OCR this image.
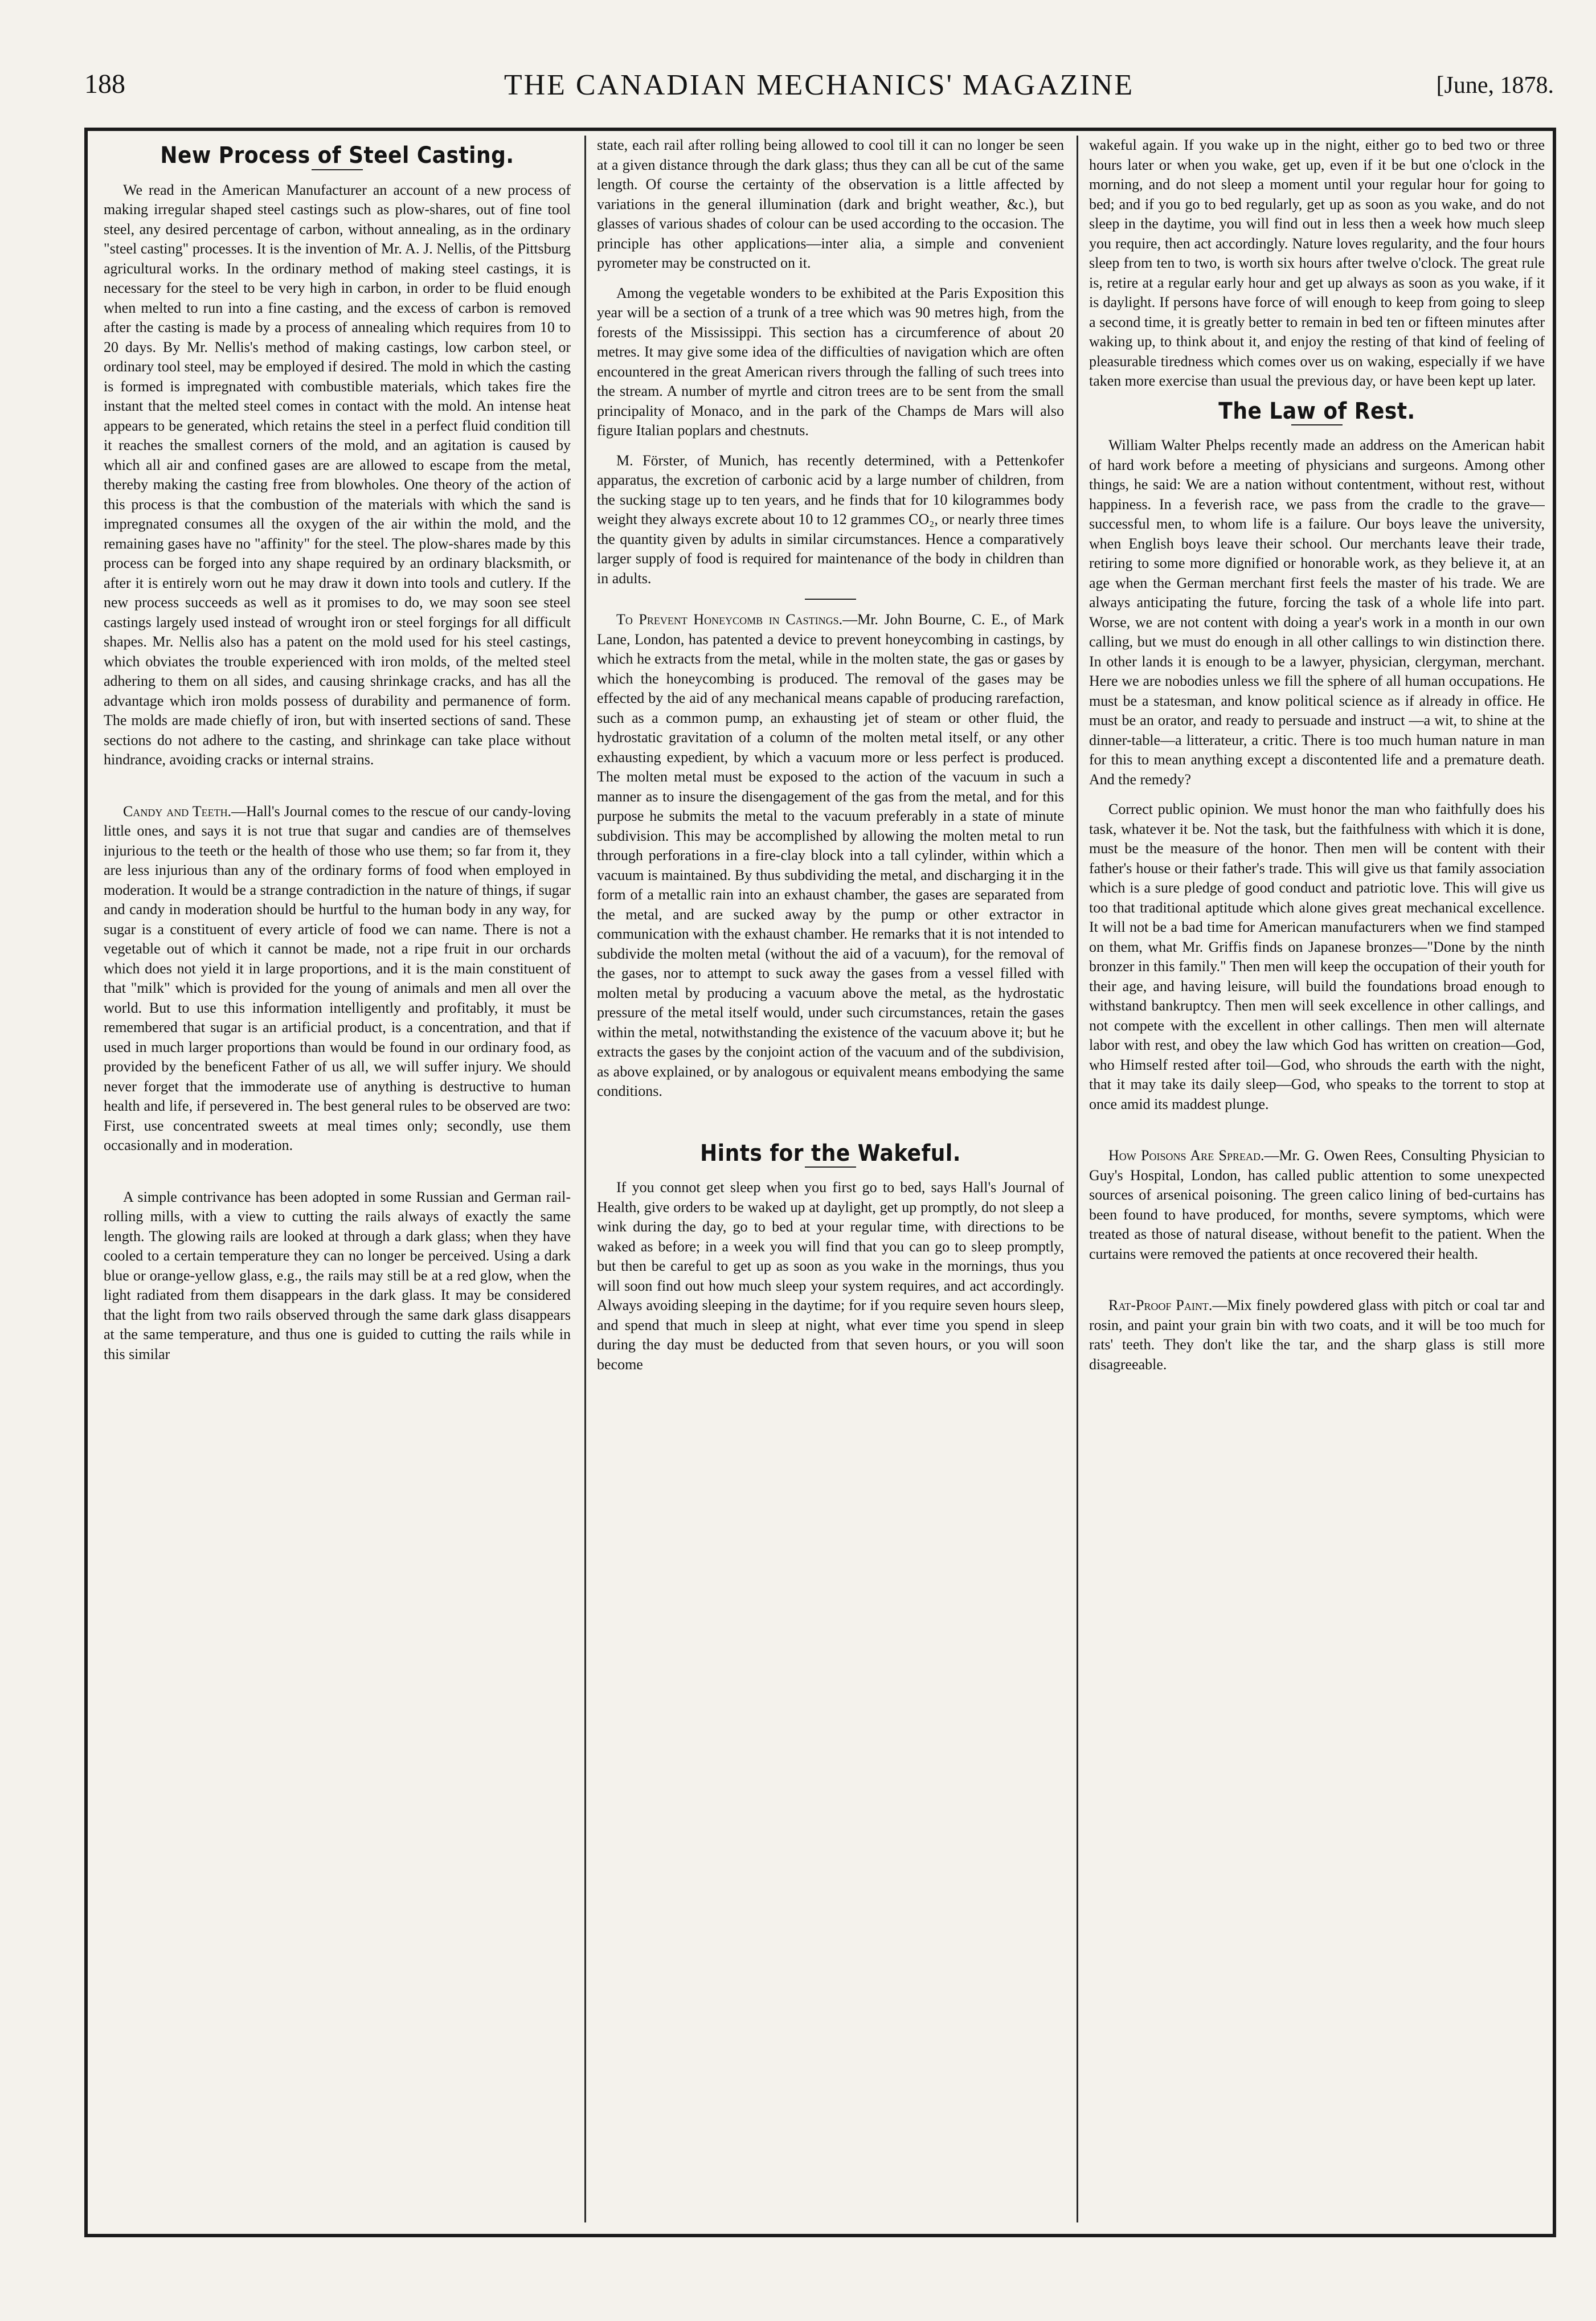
188	THE CANADIAN MECHANICS' MAGAZINE	[June, 1878.
New Process of Steel Casting.

We read in the American Manufacturer an account of a new process of making irregular shaped steel castings such as plow-shares, out of fine tool steel, any desired percentage of carbon, without annealing, as in the ordinary "steel casting" processes. It is the invention of Mr. A. J. Nellis, of the Pittsburg agricultural works. In the ordinary method of making steel castings, it is necessary for the steel to be very high in carbon, in order to be fluid enough when melted to run into a fine casting, and the excess of carbon is removed after the casting is made by a process of annealing which requires from 10 to 20 days. By Mr. Nellis's method of making castings, low carbon steel, or ordinary tool steel, may be employed if desired. The mold in which the casting is formed is impregnated with combustible materials, which takes fire the instant that the melted steel comes in contact with the mold. An intense heat appears to be generated, which retains the steel in a perfect fluid condition till it reaches the smallest corners of the mold, and an agitation is caused by which all air and confined gases are are allowed to escape from the metal, thereby making the casting free from blowholes. One theory of the action of this process is that the combustion of the materials with which the sand is impregnated consumes all the oxygen of the air within the mold, and the remaining gases have no "affinity" for the steel. The plow-shares made by this process can be forged into any shape required by an ordinary blacksmith, or after it is entirely worn out he may draw it down into tools and cutlery. If the new process succeeds as well as it promises to do, we may soon see steel castings largely used instead of wrought iron or steel forgings for all difficult shapes. Mr. Nellis also has a patent on the mold used for his steel castings, which obviates the trouble experienced with iron molds, of the melted steel adhering to them on all sides, and causing shrinkage cracks, and has all the advantage which iron molds possess of durability and permanence of form. The molds are made chiefly of iron, but with inserted sections of sand. These sections do not adhere to the casting, and shrinkage can take place without hindrance, avoiding cracks or internal strains.

Candy and Teeth.—Hall's Journal comes to the rescue of our candy-loving little ones, and says it is not true that sugar and candies are of themselves injurious to the teeth or the health of those who use them; so far from it, they are less injurious than any of the ordinary forms of food when employed in moderation. It would be a strange contradiction in the nature of things, if sugar and candy in moderation should be hurtful to the human body in any way, for sugar is a constituent of every article of food we can name. There is not a vegetable out of which it cannot be made, not a ripe fruit in our orchards which does not yield it in large proportions, and it is the main constituent of that "milk" which is provided for the young of animals and men all over the world. But to use this information intelligently and profitably, it must be remembered that sugar is an artificial product, is a concentration, and that if used in much larger proportions than would be found in our ordinary food, as provided by the beneficent Father of us all, we will suffer injury. We should never forget that the immoderate use of anything is destructive to human health and life, if persevered in. The best general rules to be observed are two: First, use concentrated sweets at meal times only; secondly, use them occasionally and in moderation.

A simple contrivance has been adopted in some Russian and German rail-rolling mills, with a view to cutting the rails always of exactly the same length. The glowing rails are looked at through a dark glass; when they have cooled to a certain temperature they can no longer be perceived. Using a dark blue or orange-yellow glass, e.g., the rails may still be at a red glow, when the light radiated from them disappears in the dark glass. It may be considered that the light from two rails observed through the same dark glass disappears at the same temperature, and thus one is guided to cutting the rails while in this similar

state, each rail after rolling being allowed to cool till it can no longer be seen at a given distance through the dark glass; thus they can all be cut of the same length. Of course the certainty of the observation is a little affected by variations in the general illumination (dark and bright weather, &c.), but glasses of various shades of colour can be used according to the occasion. The principle has other applications—inter alia, a simple and convenient pyrometer may be constructed on it.

Among the vegetable wonders to be exhibited at the Paris Exposition this year will be a section of a trunk of a tree which was 90 metres high, from the forests of the Mississippi. This section has a circumference of about 20 metres. It may give some idea of the difficulties of navigation which are often encountered in the great American rivers through the falling of such trees into the stream. A number of myrtle and citron trees are to be sent from the small principality of Monaco, and in the park of the Champs de Mars will also figure Italian poplars and chestnuts.

M. Förster, of Munich, has recently determined, with a Pettenkofer apparatus, the excretion of carbonic acid by a large number of children, from the sucking stage up to ten years, and he finds that for 10 kilogrammes body weight they always excrete about 10 to 12 grammes CO₂, or nearly three times the quantity given by adults in similar circumstances. Hence a comparatively larger supply of food is required for maintenance of the body in children than in adults.

To Prevent Honeycomb in Castings.—Mr. John Bourne, C. E., of Mark Lane, London, has patented a device to prevent honeycombing in castings, by which he extracts from the metal, while in the molten state, the gas or gases by which the honeycombing is produced. The removal of the gases may be effected by the aid of any mechanical means capable of producing rarefaction, such as a common pump, an exhausting jet of steam or other fluid, the hydrostatic gravitation of a column of the molten metal itself, or any other exhausting expedient, by which a vacuum more or less perfect is produced. The molten metal must be exposed to the action of the vacuum in such a manner as to insure the disengagement of the gas from the metal, and for this purpose he submits the metal to the vacuum preferably in a state of minute subdivision. This may be accomplished by allowing the molten metal to run through perforations in a fire-clay block into a tall cylinder, within which a vacuum is maintained. By thus subdividing the metal, and discharging it in the form of a metallic rain into an exhaust chamber, the gases are separated from the metal, and are sucked away by the pump or other extractor in communication with the exhaust chamber. He remarks that it is not intended to subdivide the molten metal (without the aid of a vacuum), for the removal of the gases, nor to attempt to suck away the gases from a vessel filled with molten metal by producing a vacuum above the metal, as the hydrostatic pressure of the metal itself would, under such circumstances, retain the gases within the metal, notwithstanding the existence of the vacuum above it; but he extracts the gases by the conjoint action of the vacuum and of the subdivision, as above explained, or by analogous or equivalent means embodying the same conditions.

Hints for the Wakeful.

If you connot get sleep when you first go to bed, says Hall's Journal of Health, give orders to be waked up at daylight, get up promptly, do not sleep a wink during the day, go to bed at your regular time, with directions to be waked as before; in a week you will find that you can go to sleep promptly, but then be careful to get up as soon as you wake in the mornings, thus you will soon find out how much sleep your system requires, and act accordingly. Always avoiding sleeping in the daytime; for if you require seven hours sleep, and spend that much in sleep at night, what ever time you spend in sleep during the day must be deducted from that seven hours, or you will soon become

wakeful again. If you wake up in the night, either go to bed two or three hours later or when you wake, get up, even if it be but one o'clock in the morning, and do not sleep a moment until your regular hour for going to bed; and if you go to bed regularly, get up as soon as you wake, and do not sleep in the daytime, you will find out in less then a week how much sleep you require, then act accordingly. Nature loves regularity, and the four hours sleep from ten to two, is worth six hours after twelve o'clock. The great rule is, retire at a regular early hour and get up always as soon as you wake, if it is daylight. If persons have force of will enough to keep from going to sleep a second time, it is greatly better to remain in bed ten or fifteen minutes after waking up, to think about it, and enjoy the resting of that kind of feeling of pleasurable tiredness which comes over us on waking, especially if we have taken more exercise than usual the previous day, or have been kept up later.

The Law of Rest.

William Walter Phelps recently made an address on the American habit of hard work before a meeting of physicians and surgeons. Among other things, he said: We are a nation without contentment, without rest, without happiness. In a feverish race, we pass from the cradle to the grave—successful men, to whom life is a failure. Our boys leave the university, when English boys leave their school. Our merchants leave their trade, retiring to some more dignified or honorable work, as they believe it, at an age when the German merchant first feels the master of his trade. We are always anticipating the future, forcing the task of a whole life into part. Worse, we are not content with doing a year's work in a month in our own calling, but we must do enough in all other callings to win distinction there. In other lands it is enough to be a lawyer, physician, clergyman, merchant. Here we are nobodies unless we fill the sphere of all human occupations. He must be a statesman, and know political science as if already in office. He must be an orator, and ready to persuade and instruct —a wit, to shine at the dinner-table—a litterateur, a critic. There is too much human nature in man for this to mean anything except a discontented life and a premature death. And the remedy?

Correct public opinion. We must honor the man who faithfully does his task, whatever it be. Not the task, but the faithfulness with which it is done, must be the measure of the honor. Then men will be content with their father's house or their father's trade. This will give us that family association which is a sure pledge of good conduct and patriotic love. This will give us too that traditional aptitude which alone gives great mechanical excellence. It will not be a bad time for American manufacturers when we find stamped on them, what Mr. Griffis finds on Japanese bronzes—"Done by the ninth bronzer in this family." Then men will keep the occupation of their youth for their age, and having leisure, will build the foundations broad enough to withstand bankruptcy. Then men will seek excellence in other callings, and not compete with the excellent in other callings. Then men will alternate labor with rest, and obey the law which God has written on creation—God, who Himself rested after toil—God, who shrouds the earth with the night, that it may take its daily sleep—God, who speaks to the torrent to stop at once amid its maddest plunge.

How Poisons Are Spread.—Mr. G. Owen Rees, Consulting Physician to Guy's Hospital, London, has called public attention to some unexpected sources of arsenical poisoning. The green calico lining of bed-curtains has been found to have produced, for months, severe symptoms, which were treated as those of natural disease, without benefit to the patient. When the curtains were removed the patients at once recovered their health.

Rat-Proof Paint.—Mix finely powdered glass with pitch or coal tar and rosin, and paint your grain bin with two coats, and it will be too much for rats' teeth. They don't like the tar, and the sharp glass is still more disagreeable.
